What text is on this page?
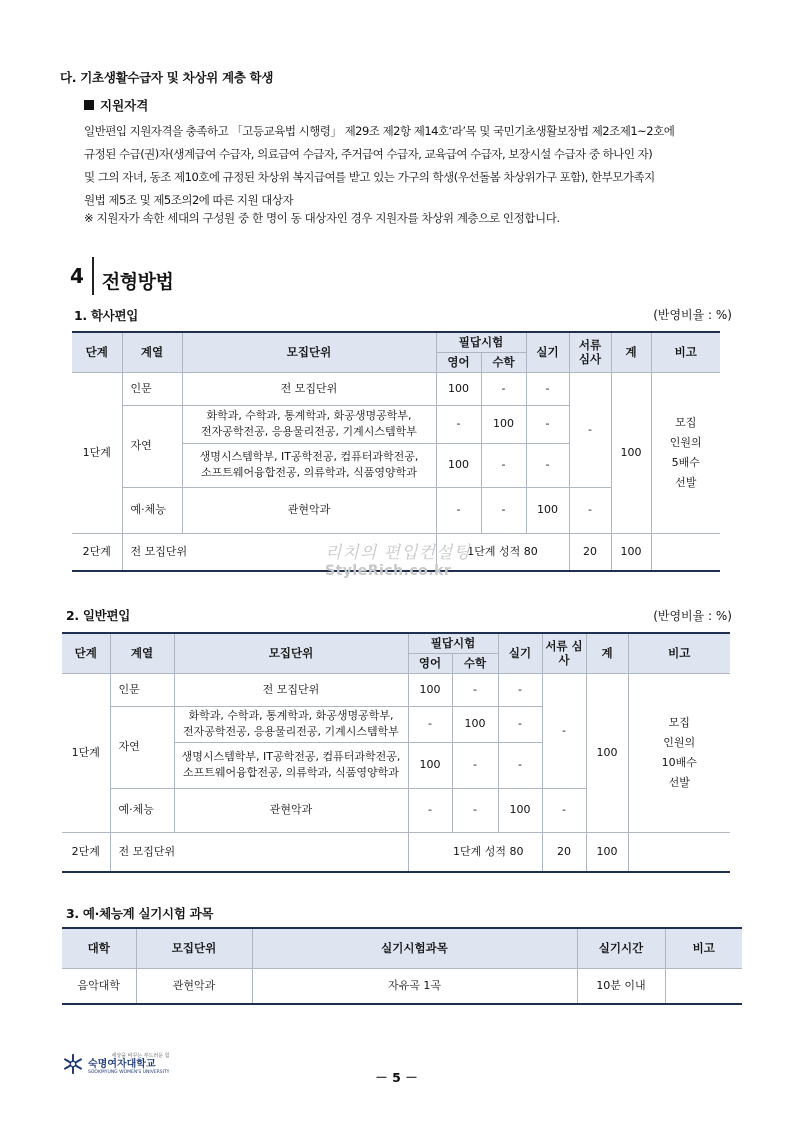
다. 기초생활수급자 및 차상위 계층 학생
지원자격

일반편입 지원자격을 충족하고 「고등교육법 시행령」 제29조 제2항 제14호‘라’목 및 국민기초생활보장법 제2조제1~2호에

규정된 수급(권)자(생계급여 수급자, 의료급여 수급자, 주거급여 수급자, 교육급여 수급자, 보장시설 수급자 중 하나인 자)

및 그의 자녀, 동조 제10호에 규정된 차상위 복지급여를 받고 있는 가구의 학생(우선돌봄 차상위가구 포함), 한부모가족지

원법 제5조 및 제5조의2에 따른 지원 대상자

※ 지원자가 속한 세대의 구성원 중 한 명이 동 대상자인 경우 지원자를 차상위 계층으로 인정합니다.
4 전형방법
1. 학사편입	(반영비율 : %)
단계	계열	모집단위	필답시험		실기	서류 심사	계	비고
			영어	수학				
1단계	인문	전 모집단위	100	-	-	-	100	모집
인원의
5배수
선발

	자연	화학과, 수학과, 통계학과, 화공생명공학부,
전자공학전공, 응용물리전공, 기계시스템학부	-	100	-			

		생명시스템학부, IT공학전공, 컴퓨터과학전공,
소프트웨어융합전공, 의류학과, 식품영양학과	100	-	-			
	예·체능	관현악과	-	-	100	-		
2단계	전 모집단위		1단계 성적 80			20	100	
리치의 편입컨설팅
StyleRich.co.kr
2. 일반편입	(반영비율 : %)
단계	계열	모집단위	필답시험		실기	서류 심사	계	비고
			영어	수학				
1단계	인문	전 모집단위	100	-	-	-	100	모집
인원의
10배수
선발

	자연	화학과, 수학과, 통계학과, 화공생명공학부,
전자공학전공, 응용물리전공, 기계시스템학부	-	100	-			

		생명시스템학부, IT공학전공, 컴퓨터과학전공,
소프트웨어융합전공, 의류학과, 식품영양학과	100	-	-			
	예·체능	관현악과	-	-	100	-		
2단계	전 모집단위		1단계 성적 80			20	100	
3. 예·체능계 실기시험 과목
대학	모집단위	실기시험과목	실기시간	비고
음악대학	관현악과	자유곡 1곡	10분 이내	
세상을 바꾸는 부드러운 힘
숙명여자대학교
SOOKMYUNG WOMEN'S UNIVERSITY	－ 5 －
